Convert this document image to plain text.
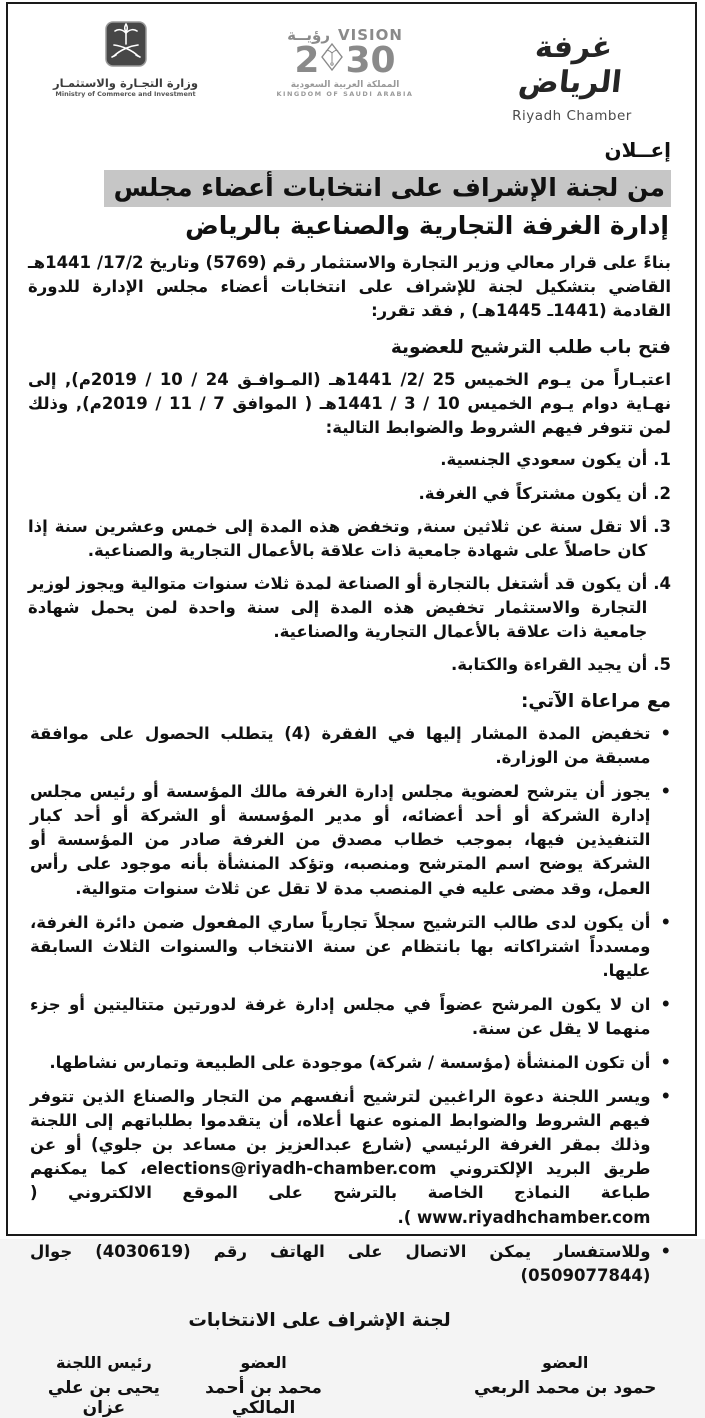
وزارة التجـارة والاستثمـار
Ministry of Commerce and Investment
VISION
رؤيــة
2 30
المملكة العربية السعودية
KINGDOM OF SAUDI ARABIA
غرفة الرياض
Riyadh Chamber
إعــلان
من لجنة الإشراف على انتخابات أعضاء مجلس
إدارة الغرفة التجارية والصناعية بالرياض

بناءً على قرار معالي وزير التجارة والاستثمار رقم (5769) وتاريخ 17/2/ 1441هـ القاضي بتشكيل لجنة للإشراف على انتخابات أعضاء مجلس الإدارة للدورة القادمة (1441ـ 1445هـ) , فقد تقرر:

فتح باب طلب الترشيح للعضوية

اعتبـاراً من يـوم الخميس 25 /2/ 1441هـ (المـوافـق 24 / 10 / 2019م), إلى نهـاية دوام يـوم الخميس 10 / 3 / 1441هـ ( الموافق 7 / 11 / 2019م), وذلك لمن تتوفر فيهم الشروط والضوابط التالية:

1.
أن يكون سعودي الجنسية.
2.
أن يكون مشتركاً في الغرفة.
3.
ألا تقل سنة عن ثلاثين سنة, وتخفض هذه المدة إلى خمس وعشرين سنة إذا كان حاصلاً على شهادة جامعية ذات علاقة بالأعمال التجارية والصناعية.
4.
أن يكون قد أشتغل بالتجارة أو الصناعة لمدة ثلاث سنوات متوالية ويجوز لوزير التجارة والاستثمار تخفيض هذه المدة إلى سنة واحدة لمن يحمل شهادة جامعية ذات علاقة بالأعمال التجارية والصناعية.
5.
أن يجيد القراءة والكتابة.
مع مراعاة الآتي:
•
تخفيض المدة المشار إليها في الفقرة (4) يتطلب الحصول على موافقة مسبقة من الوزارة.
•
يجوز أن يترشح لعضوية مجلس إدارة الغرفة مالك المؤسسة أو رئيس مجلس إدارة الشركة أو أحد أعضائه، أو مدير المؤسسة أو الشركة أو أحد كبار التنفيذين فيها، بموجب خطاب مصدق من الغرفة صادر من المؤسسة أو الشركة يوضح اسم المترشح ومنصبه، وتؤكد المنشأة بأنه موجود على رأس العمل، وقد مضى عليه في المنصب مدة لا تقل عن ثلاث سنوات متوالية.
•
أن يكون لدى طالب الترشيح سجلاً تجارياً ساري المفعول ضمن دائرة الغرفة، ومسدداً اشتراكاته بها بانتظام عن سنة الانتخاب والسنوات الثلاث السابقة عليها.
•
ان لا يكون المرشح عضواً في مجلس إدارة غرفة لدورتين متتاليتين أو جزء منهما لا يقل عن سنة.
•
أن تكون المنشأة (مؤسسة / شركة) موجودة على الطبيعة وتمارس نشاطها.
•
ويسر اللجنة دعوة الراغبين لترشيح أنفسهم من التجار والصناع الذين تتوفر فيهم الشروط والضوابط المنوه عنها أعلاه، أن يتقدموا بطلباتهم إلى اللجنة وذلك بمقر الغرفة الرئيسي (شارع عبدالعزيز بن مساعد بن جلوي) أو عن طريق البريد الإلكتروني elections@riyadh-chamber.com، كما يمكنهم طباعة النماذج الخاصة بالترشح على الموقع الالكتروني ( www.riyadhchamber.com ).
•
وللاستفسار يمكن الاتصال على الهاتف رقم (4030619) جوال (0509077844)
لجنة الإشراف على الانتخابات
العضو
حمود بن محمد الربعي
العضو
محمد بن أحمد المالكي
رئيس اللجنة
يحيى بن علي عزان
